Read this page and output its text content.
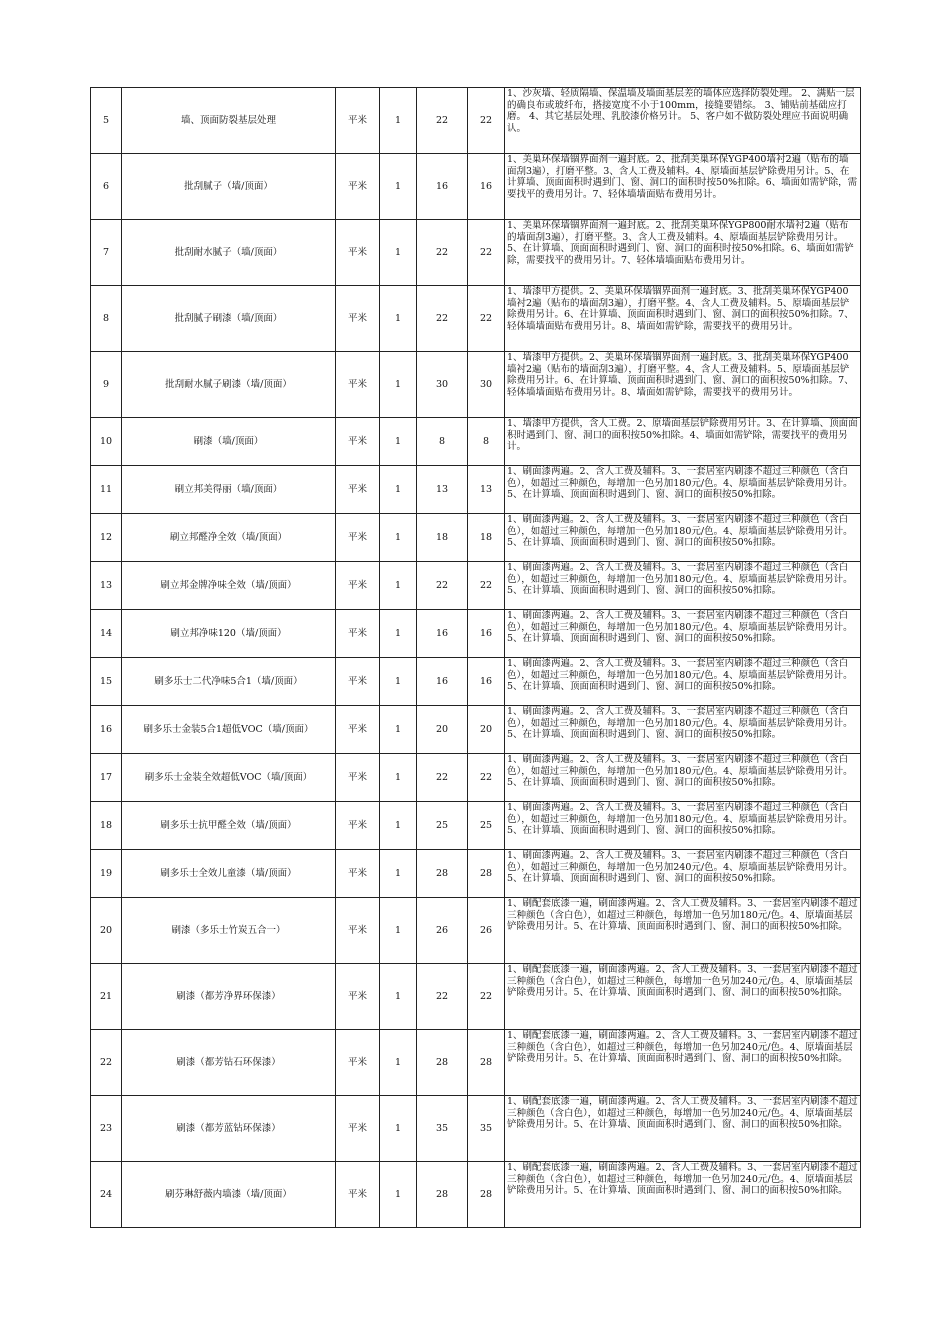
5	墙、顶面防裂基层处理	平米	1	22	22	1、沙灰墙、轻质隔墙、保温墙及墙面基层差的墙体应选择防裂处理。 2、满贴一层的确良布或玻纤布，搭接宽度不小于100mm，接缝要错综。 3、铺贴前基础应打磨。 4、其它基层处理、乳胶漆价格另计。 5、客户如不做防裂处理应书面说明确认。
6	批刮腻子（墙/顶面）	平米	1	16	16	1、美巢环保墙锢界面剂一遍封底。2、批刮美巢环保YGP400墙衬2遍（贴布的墙面刮3遍），打磨平整。3、含人工费及辅料。4、原墙面基层铲除费用另计。5、在计算墙、顶面面积时遇到门、窗、洞口的面积时按50%扣除。6、墙面如需铲除，需要找平的费用另计。7、轻体墙墙面贴布费用另计。
7	批刮耐水腻子（墙/顶面）	平米	1	22	22	1、美巢环保墙锢界面剂一遍封底。2、批刮美巢环保YGP800耐水墙衬2遍（贴布的墙面刮3遍），打磨平整。3、含人工费及辅料。4、原墙面基层铲除费用另计。5、在计算墙、顶面面积时遇到门、窗、洞口的面积时按50%扣除。6、墙面如需铲除，需要找平的费用另计。7、轻体墙墙面贴布费用另计。
8	批刮腻子刷漆（墙/顶面）	平米	1	22	22	1、墙漆甲方提供。2、美巢环保墙锢界面剂一遍封底。3、批刮美巢环保YGP400墙衬2遍（贴布的墙面刮3遍），打磨平整。4、含人工费及辅料。5、原墙面基层铲除费用另计。6、在计算墙、顶面面积时遇到门、窗、洞口的面积按50%扣除。7、轻体墙墙面贴布费用另计。8、墙面如需铲除，需要找平的费用另计。
9	批刮耐水腻子刷漆（墙/顶面）	平米	1	30	30	1、墙漆甲方提供。2、美巢环保墙锢界面剂一遍封底。3、批刮美巢环保YGP400墙衬2遍（贴布的墙面刮3遍），打磨平整。4、含人工费及辅料。5、原墙面基层铲除费用另计。6、在计算墙、顶面面积时遇到门、窗、洞口的面积按50%扣除。7、轻体墙墙面贴布费用另计。8、墙面如需铲除，需要找平的费用另计。
10	刷漆（墙/顶面）	平米	1	8	8	1、墙漆甲方提供，含人工费。2、原墙面基层铲除费用另计。3、在计算墙、顶面面积时遇到门、窗、洞口的面积按50%扣除。4、墙面如需铲除，需要找平的费用另计。
11	刷立邦美得丽（墙/顶面）	平米	1	13	13	1、刷面漆两遍。2、含人工费及辅料。3、一套居室内刷漆不超过三种颜色（含白色），如超过三种颜色，每增加一色另加180元/色。4、原墙面基层铲除费用另计。5、在计算墙、顶面面积时遇到门、窗、洞口的面积按50%扣除。
12	刷立邦醛净全效（墙/顶面）	平米	1	18	18	1、刷面漆两遍。2、含人工费及辅料。3、一套居室内刷漆不超过三种颜色（含白色），如超过三种颜色，每增加一色另加180元/色。4、原墙面基层铲除费用另计。5、在计算墙、顶面面积时遇到门、窗、洞口的面积按50%扣除。
13	刷立邦金牌净味全效（墙/顶面）	平米	1	22	22	1、刷面漆两遍。2、含人工费及辅料。3、一套居室内刷漆不超过三种颜色（含白色），如超过三种颜色，每增加一色另加180元/色。4、原墙面基层铲除费用另计。5、在计算墙、顶面面积时遇到门、窗、洞口的面积按50%扣除。
14	刷立邦净味120（墙/顶面）	平米	1	16	16	1、刷面漆两遍。2、含人工费及辅料。3、一套居室内刷漆不超过三种颜色（含白色），如超过三种颜色，每增加一色另加180元/色。4、原墙面基层铲除费用另计。5、在计算墙、顶面面积时遇到门、窗、洞口的面积按50%扣除。
15	刷多乐士二代净味5合1（墙/顶面）	平米	1	16	16	1、刷面漆两遍。2、含人工费及辅料。3、一套居室内刷漆不超过三种颜色（含白色），如超过三种颜色，每增加一色另加180元/色。4、原墙面基层铲除费用另计。5、在计算墙、顶面面积时遇到门、窗、洞口的面积按50%扣除。
16	刷多乐士金装5合1超低VOC（墙/顶面）	平米	1	20	20	1、刷面漆两遍。2、含人工费及辅料。3、一套居室内刷漆不超过三种颜色（含白色），如超过三种颜色，每增加一色另加180元/色。4、原墙面基层铲除费用另计。5、在计算墙、顶面面积时遇到门、窗、洞口的面积按50%扣除。
17	刷多乐士金装全效超低VOC（墙/顶面）	平米	1	22	22	1、刷面漆两遍。2、含人工费及辅料。3、一套居室内刷漆不超过三种颜色（含白色），如超过三种颜色，每增加一色另加180元/色。4、原墙面基层铲除费用另计。5、在计算墙、顶面面积时遇到门、窗、洞口的面积按50%扣除。
18	刷多乐士抗甲醛全效（墙/顶面）	平米	1	25	25	1、刷面漆两遍。2、含人工费及辅料。3、一套居室内刷漆不超过三种颜色（含白色），如超过三种颜色，每增加一色另加180元/色。4、原墙面基层铲除费用另计。5、在计算墙、顶面面积时遇到门、窗、洞口的面积按50%扣除。
19	刷多乐士全效儿童漆（墙/顶面）	平米	1	28	28	1、刷面漆两遍。2、含人工费及辅料。3、一套居室内刷漆不超过三种颜色（含白色），如超过三种颜色，每增加一色另加240元/色。4、原墙面基层铲除费用另计。5、在计算墙、顶面面积时遇到门、窗、洞口的面积按50%扣除。
20	刷漆（多乐士竹炭五合一）	平米	1	26	26	1、刷配套底漆一遍，刷面漆两遍。2、含人工费及辅料。3、一套居室内刷漆不超过三种颜色（含白色），如超过三种颜色，每增加一色另加180元/色。4、原墙面基层铲除费用另计。5、在计算墙、顶面面积时遇到门、窗、洞口的面积按50%扣除。
21	刷漆（都芳净界环保漆）	平米	1	22	22	1、刷配套底漆一遍，刷面漆两遍。2、含人工费及辅料。3、一套居室内刷漆不超过三种颜色（含白色），如超过三种颜色，每增加一色另加240元/色。4、原墙面基层铲除费用另计。5、在计算墙、顶面面积时遇到门、窗、洞口的面积按50%扣除。
22	刷漆（都芳钻石环保漆）	平米	1	28	28	1、刷配套底漆一遍，刷面漆两遍。2、含人工费及辅料。3、一套居室内刷漆不超过三种颜色（含白色），如超过三种颜色，每增加一色另加240元/色。4、原墙面基层铲除费用另计。5、在计算墙、顶面面积时遇到门、窗、洞口的面积按50%扣除。
23	刷漆（都芳蓝钻环保漆）	平米	1	35	35	1、刷配套底漆一遍，刷面漆两遍。2、含人工费及辅料。3、一套居室内刷漆不超过三种颜色（含白色），如超过三种颜色，每增加一色另加240元/色。4、原墙面基层铲除费用另计。5、在计算墙、顶面面积时遇到门、窗、洞口的面积按50%扣除。
24	刷芬琳舒薇内墙漆（墙/顶面）	平米	1	28	28	1、刷配套底漆一遍，刷面漆两遍。2、含人工费及辅料。3、一套居室内刷漆不超过三种颜色（含白色），如超过三种颜色，每增加一色另加240元/色。4、原墙面基层铲除费用另计。5、在计算墙、顶面面积时遇到门、窗、洞口的面积按50%扣除。
